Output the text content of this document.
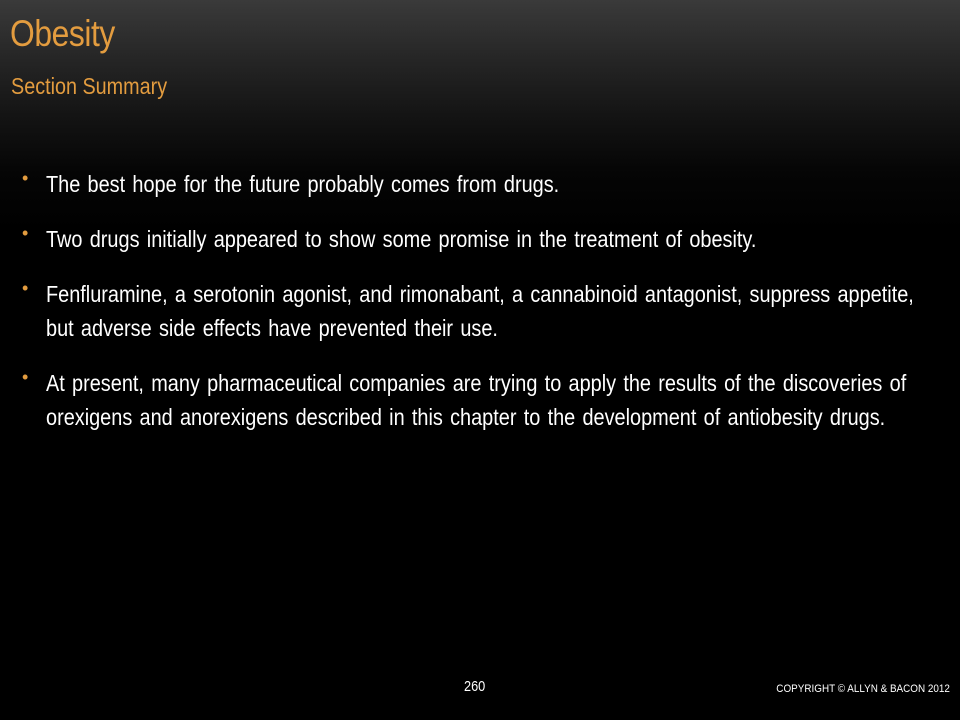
Obesity
Section Summary
• The best hope for the future probably comes from drugs.
• Two drugs initially appeared to show some promise in the treatment of obesity.
• Fenfluramine, a serotonin agonist, and rimonabant, a cannabinoid antagonist, suppress appetite, but adverse side effects have prevented their use.
• At present, many pharmaceutical companies are trying to apply the results of the discoveries of orexigens and anorexigens described in this chapter to the development of antiobesity drugs.
260	COPYRIGHT © ALLYN & BACON 2012
